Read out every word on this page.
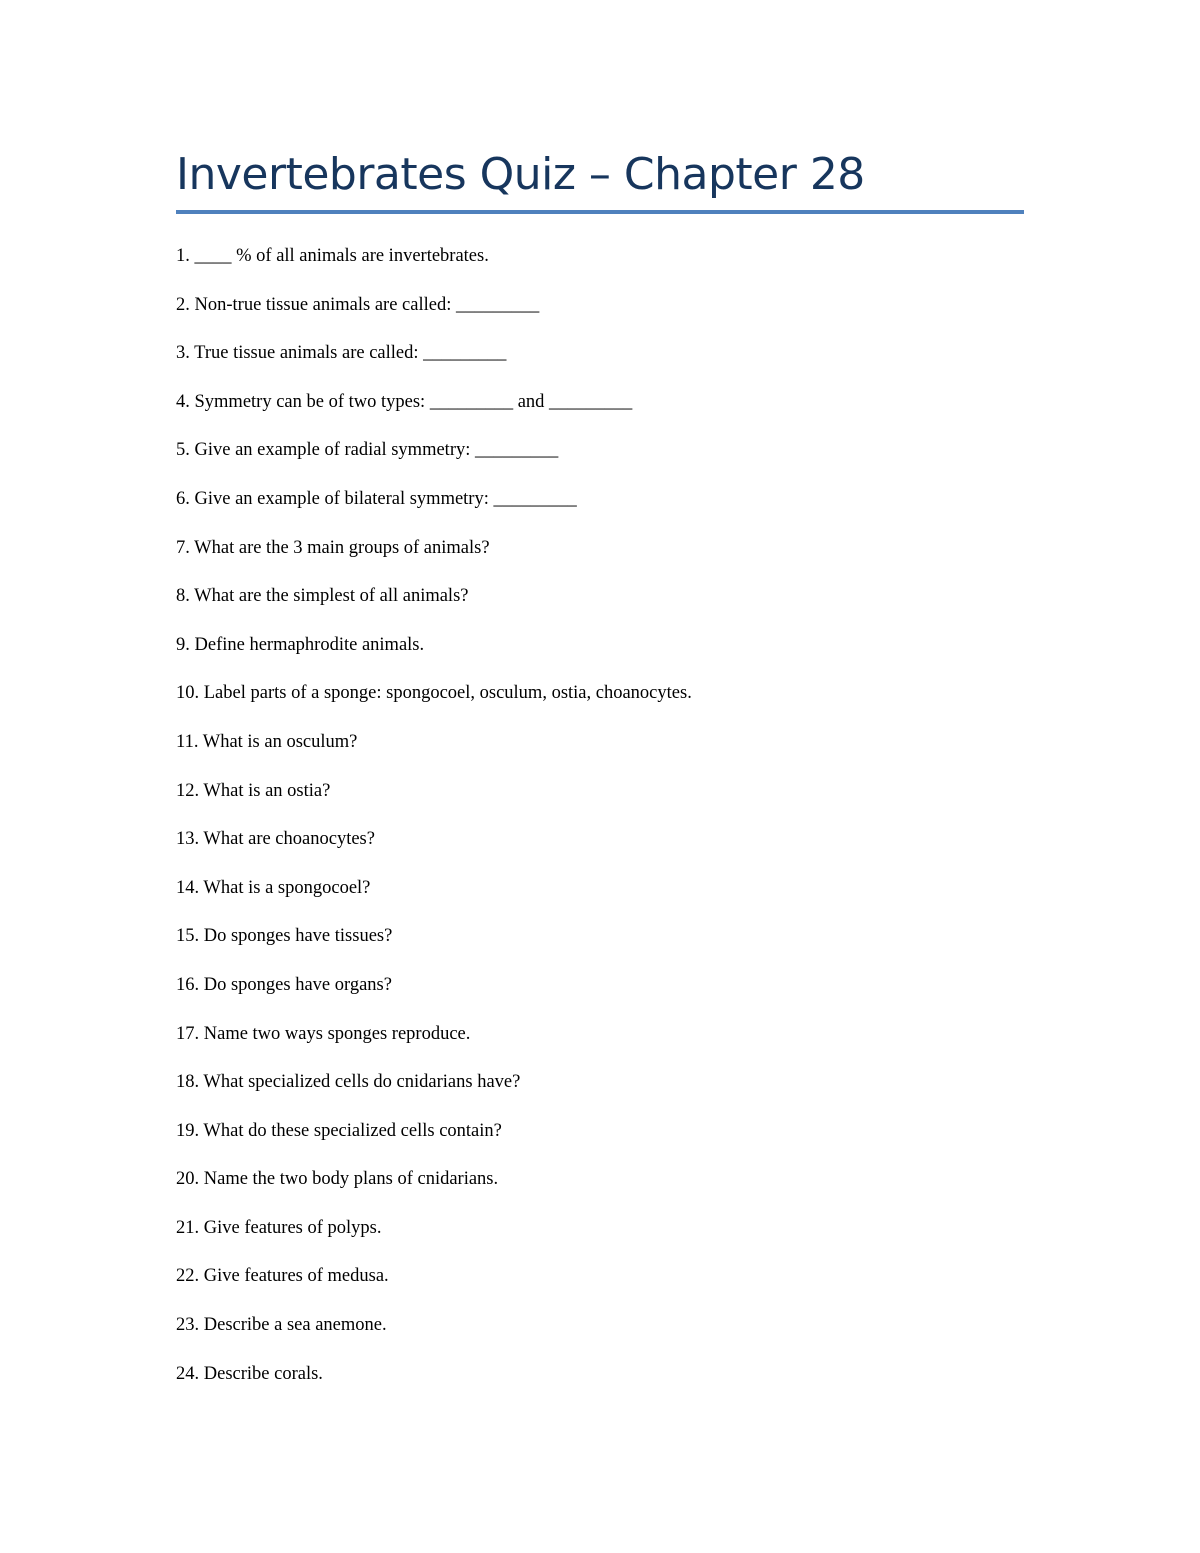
Invertebrates Quiz – Chapter 28
1. ____ % of all animals are invertebrates.
2. Non-true tissue animals are called: _________
3. True tissue animals are called: _________
4. Symmetry can be of two types: _________ and _________
5. Give an example of radial symmetry: _________
6. Give an example of bilateral symmetry: _________
7. What are the 3 main groups of animals?
8. What are the simplest of all animals?
9. Define hermaphrodite animals.
10. Label parts of a sponge: spongocoel, osculum, ostia, choanocytes.
11. What is an osculum?
12. What is an ostia?
13. What are choanocytes?
14. What is a spongocoel?
15. Do sponges have tissues?
16. Do sponges have organs?
17. Name two ways sponges reproduce.
18. What specialized cells do cnidarians have?
19. What do these specialized cells contain?
20. Name the two body plans of cnidarians.
21. Give features of polyps.
22. Give features of medusa.
23. Describe a sea anemone.
24. Describe corals.
